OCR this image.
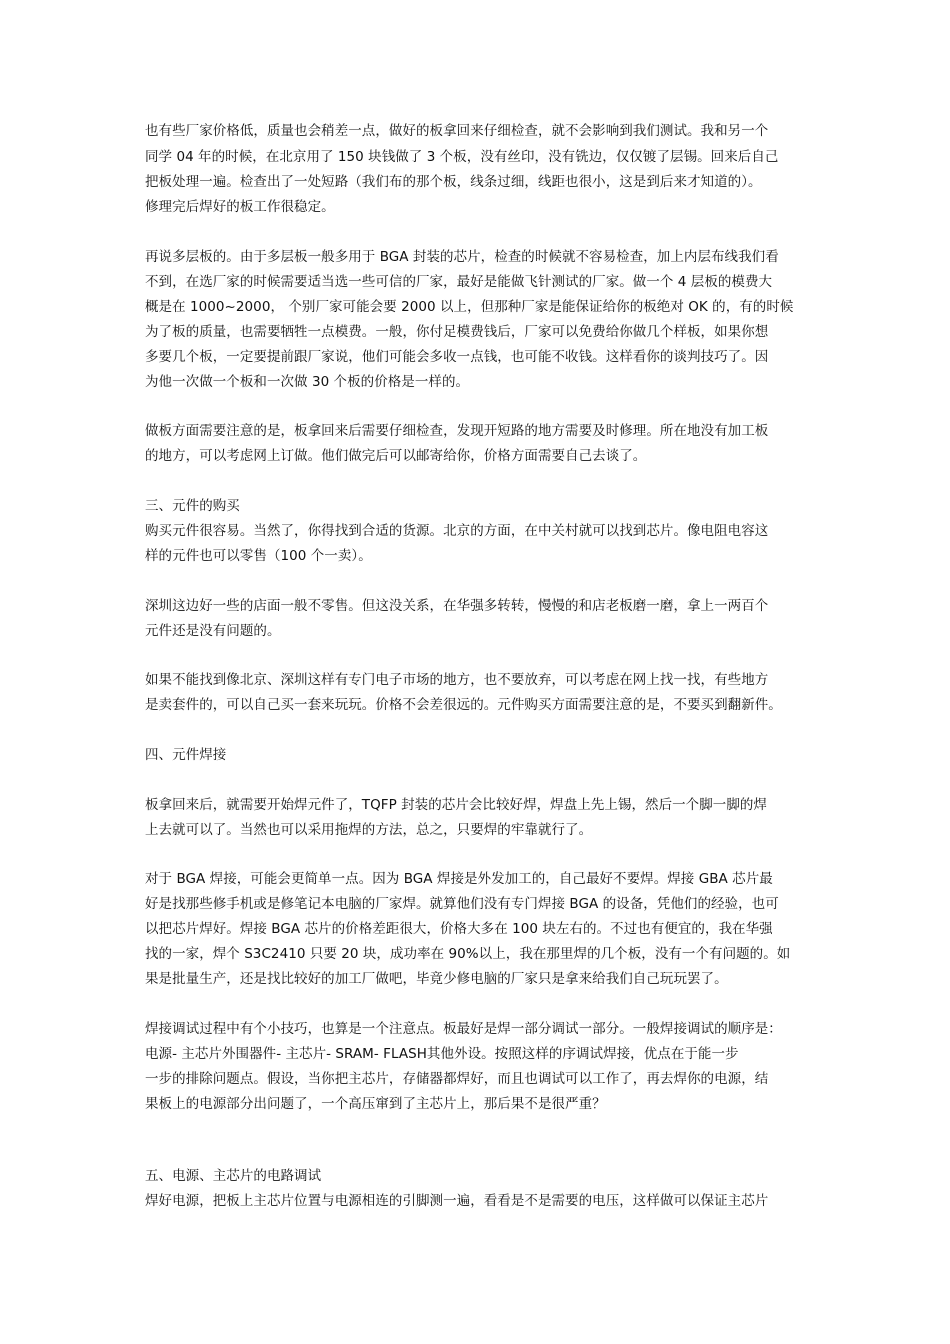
也有些厂家价格低，质量也会稍差一点，做好的板拿回来仔细检查，就不会影响到我们测试。我和另一个
同学 04 年的时候，在北京用了 150 块钱做了 3 个板，没有丝印，没有铣边，仅仅镀了层锡。回来后自己
把板处理一遍。检查出了一处短路（我们布的那个板，线条过细，线距也很小，这是到后来才知道的）。
修理完后焊好的板工作很稳定。
再说多层板的。由于多层板一般多用于 BGA 封装的芯片，检查的时候就不容易检查，加上内层布线我们看
不到，在选厂家的时候需要适当选一些可信的厂家，最好是能做飞针测试的厂家。做一个 4 层板的模费大
概是在 1000~2000， 个别厂家可能会要 2000 以上，但那种厂家是能保证给你的板绝对 OK 的，有的时候
为了板的质量，也需要牺牲一点模费。一般，你付足模费钱后，厂家可以免费给你做几个样板，如果你想
多要几个板，一定要提前跟厂家说，他们可能会多收一点钱，也可能不收钱。这样看你的谈判技巧了。因
为他一次做一个板和一次做 30 个板的价格是一样的。
做板方面需要注意的是，板拿回来后需要仔细检查，发现开短路的地方需要及时修理。所在地没有加工板
的地方，可以考虑网上订做。他们做完后可以邮寄给你，价格方面需要自己去谈了。
三、元件的购买
购买元件很容易。当然了，你得找到合适的货源。北京的方面，在中关村就可以找到芯片。像电阻电容这
样的元件也可以零售（100 个一卖）。
深圳这边好一些的店面一般不零售。但这没关系，在华强多转转，慢慢的和店老板磨一磨，拿上一两百个
元件还是没有问题的。
如果不能找到像北京、深圳这样有专门电子市场的地方，也不要放弃，可以考虑在网上找一找，有些地方
是卖套件的，可以自己买一套来玩玩。价格不会差很远的。元件购买方面需要注意的是，不要买到翻新件。
四、元件焊接
板拿回来后，就需要开始焊元件了，TQFP 封装的芯片会比较好焊，焊盘上先上锡，然后一个脚一脚的焊
上去就可以了。当然也可以采用拖焊的方法，总之，只要焊的牢靠就行了。
对于 BGA 焊接，可能会更简单一点。因为 BGA 焊接是外发加工的，自己最好不要焊。焊接 GBA 芯片最
好是找那些修手机或是修笔记本电脑的厂家焊。就算他们没有专门焊接 BGA 的设备，凭他们的经验，也可
以把芯片焊好。焊接 BGA 芯片的价格差距很大，价格大多在 100 块左右的。不过也有便宜的，我在华强
找的一家，焊个 S3C2410 只要 20 块，成功率在 90%以上，我在那里焊的几个板，没有一个有问题的。如
果是批量生产，还是找比较好的加工厂做吧，毕竟少修电脑的厂家只是拿来给我们自己玩玩罢了。
焊接调试过程中有个小技巧，也算是一个注意点。板最好是焊一部分调试一部分。一般焊接调试的顺序是：
电源- 主芯片外围器件- 主芯片- SRAM- FLASH其他外设。按照这样的序调试焊接，优点在于能一步
一步的排除问题点。假设，当你把主芯片，存储器都焊好，而且也调试可以工作了，再去焊你的电源，结
果板上的电源部分出问题了，一个高压窜到了主芯片上，那后果不是很严重？
五、电源、主芯片的电路调试
焊好电源，把板上主芯片位置与电源相连的引脚测一遍，看看是不是需要的电压，这样做可以保证主芯片
